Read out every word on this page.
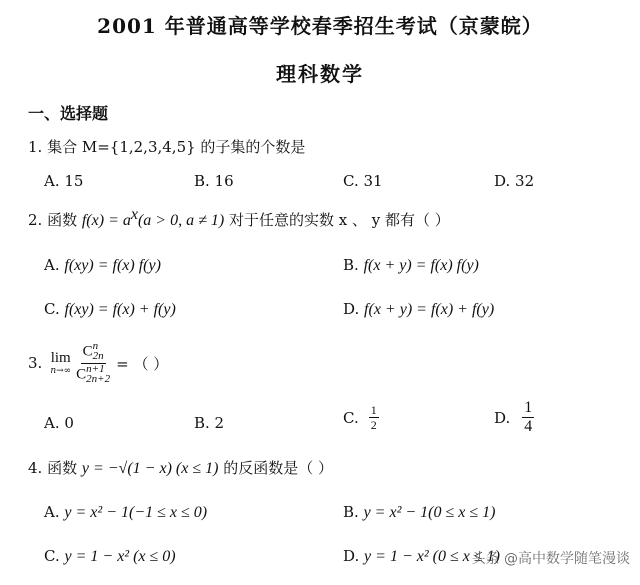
2001 年普通高等学校春季招生考试（京蒙皖）
理科数学
一、选择题
1. 集合 M={1,2,3,4,5} 的子集的个数是
A. 15	B. 16	C. 31	D. 32
2. 函数 $f(x) = a^x(a > 0$, a ≠ 1) 对于任意的实数 x 、 y 都有（ ）
A. f(xy) = f(x) f(y)	B. f(x + y) = f(x) f(y)
C. f(xy) = f(x) + f(y)	D. f(x + y) = f(x) + f(y)
3. lim
n→∞ C n
2n
C n+1
2n+2 = （ ）
A. 0	B. 2	C. $\frac{1}{2}$	D. $\frac{1}{4}$
4. 函数 y = −√(1 − x) (x ≤ 1) 的反函数是（ ）
A. y = x² − 1(−1 ≤ x ≤ 0)	B. y = x² − 1(0 ≤ x ≤ 1)
C. y = 1 − x² (x ≤ 0)	D. y = 1 − x² (0 ≤ x ≤ 1)
头条 @高中数学随笔漫谈
